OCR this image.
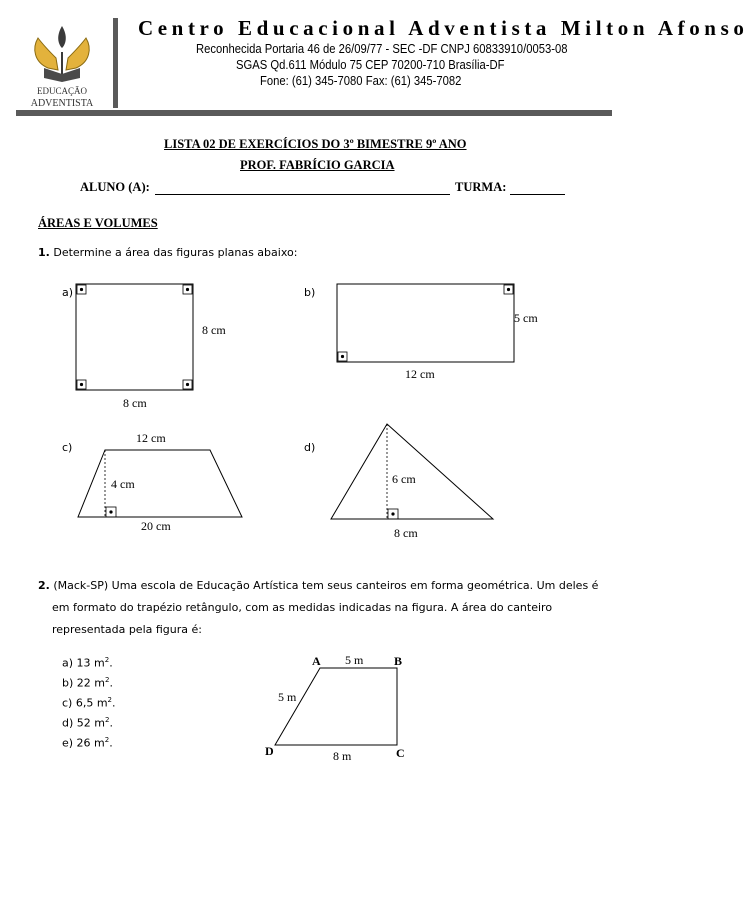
EDUCAÇÃO
ADVENTISTA
Centro Educacional Adventista Milton Afonso
Reconhecida Portaria 46 de 26/09/77 - SEC -DF CNPJ 60833910/0053-08
SGAS Qd.611 Módulo 75 CEP 70200-710 Brasília-DF
Fone: (61) 345-7080 Fax: (61) 345-7082
LISTA 02 DE EXERCÍCIOS DO 3º BIMESTRE 9º ANO
PROF. FABRÍCIO GARCIA
ALUNO (A):	TURMA:
ÁREAS E VOLUMES
1. Determine a área das figuras planas abaixo:
a)	b)
c)	d)
8 cm
8 cm
5 cm
12 cm
12 cm
4 cm
20 cm
6 cm
8 cm
A	B
C
D
5 m
5 m
8 m
2. (Mack-SP) Uma escola de Educação Artística tem seus canteiros em forma geométrica. Um deles é
em formato do trapézio retângulo, com as medidas indicadas na figura. A área do canteiro
representada pela figura é:
a) 13 $m^2$.
b) 22 $m^2$.
c) 6,5 $m^2$.
d) 52 $m^2$.
e) 26 $m^2$.
